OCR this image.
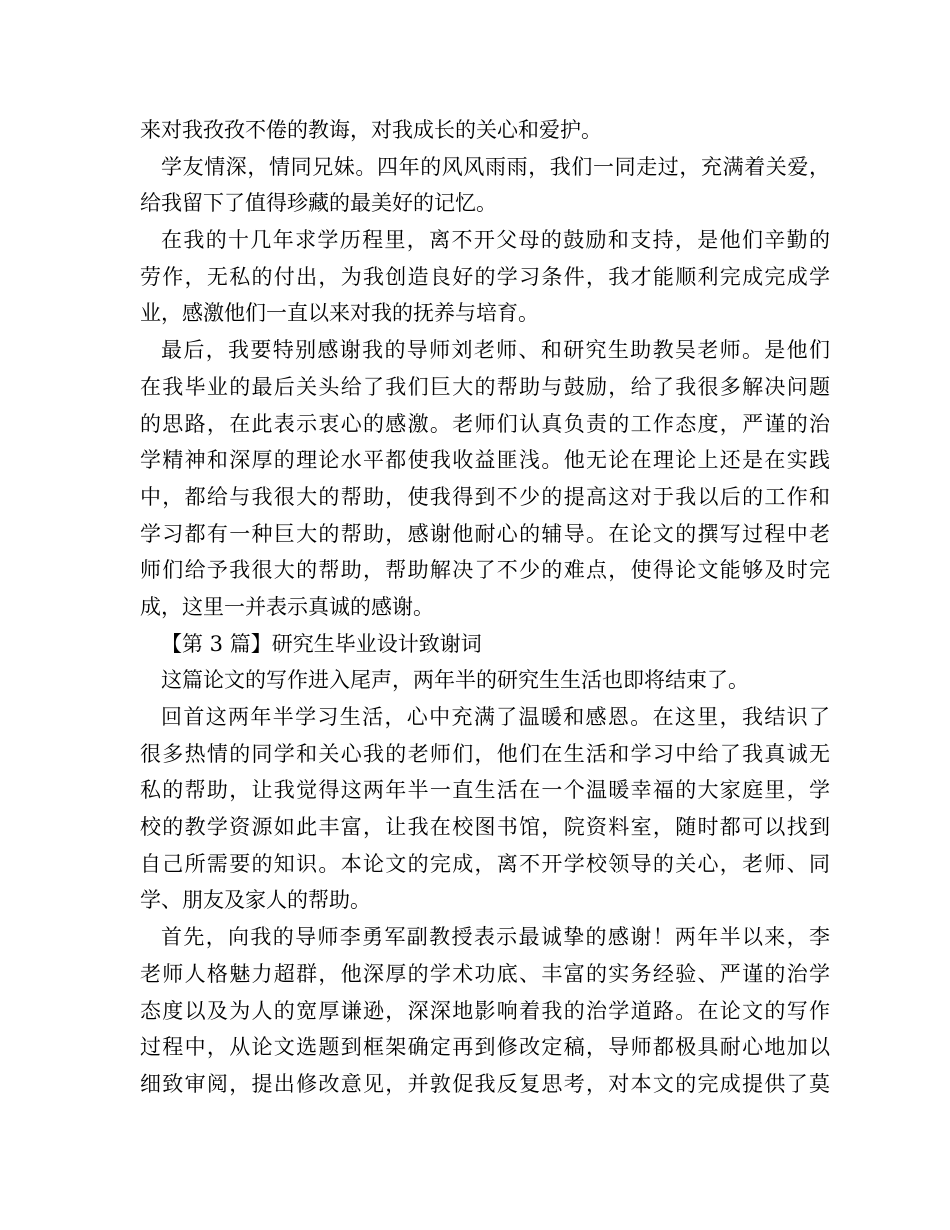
来对我孜孜不倦的教诲，对我成长的关心和爱护。
学友情深，情同兄妹。四年的风风雨雨，我们一同走过，充满着关爱，
给我留下了值得珍藏的最美好的记忆。
在我的十几年求学历程里，离不开父母的鼓励和支持，是他们辛勤的
劳作，无私的付出，为我创造良好的学习条件，我才能顺利完成完成学
业，感激他们一直以来对我的抚养与培育。
最后，我要特别感谢我的导师刘老师、和研究生助教吴老师。是他们
在我毕业的最后关头给了我们巨大的帮助与鼓励，给了我很多解决问题
的思路，在此表示衷心的感激。老师们认真负责的工作态度，严谨的治
学精神和深厚的理论水平都使我收益匪浅。他无论在理论上还是在实践
中，都给与我很大的帮助，使我得到不少的提高这对于我以后的工作和
学习都有一种巨大的帮助，感谢他耐心的辅导。在论文的撰写过程中老
师们给予我很大的帮助，帮助解决了不少的难点，使得论文能够及时完
成，这里一并表示真诚的感谢。
【第 3 篇】研究生毕业设计致谢词
这篇论文的写作进入尾声，两年半的研究生生活也即将结束了。
回首这两年半学习生活，心中充满了温暖和感恩。在这里，我结识了
很多热情的同学和关心我的老师们，他们在生活和学习中给了我真诚无
私的帮助，让我觉得这两年半一直生活在一个温暖幸福的大家庭里，学
校的教学资源如此丰富，让我在校图书馆，院资料室，随时都可以找到
自己所需要的知识。本论文的完成，离不开学校领导的关心，老师、同
学、朋友及家人的帮助。
首先，向我的导师李勇军副教授表示最诚挚的感谢！两年半以来，李
老师人格魅力超群，他深厚的学术功底、丰富的实务经验、严谨的治学
态度以及为人的宽厚谦逊，深深地影响着我的治学道路。在论文的写作
过程中，从论文选题到框架确定再到修改定稿，导师都极具耐心地加以
细致审阅，提出修改意见，并敦促我反复思考，对本文的完成提供了莫
